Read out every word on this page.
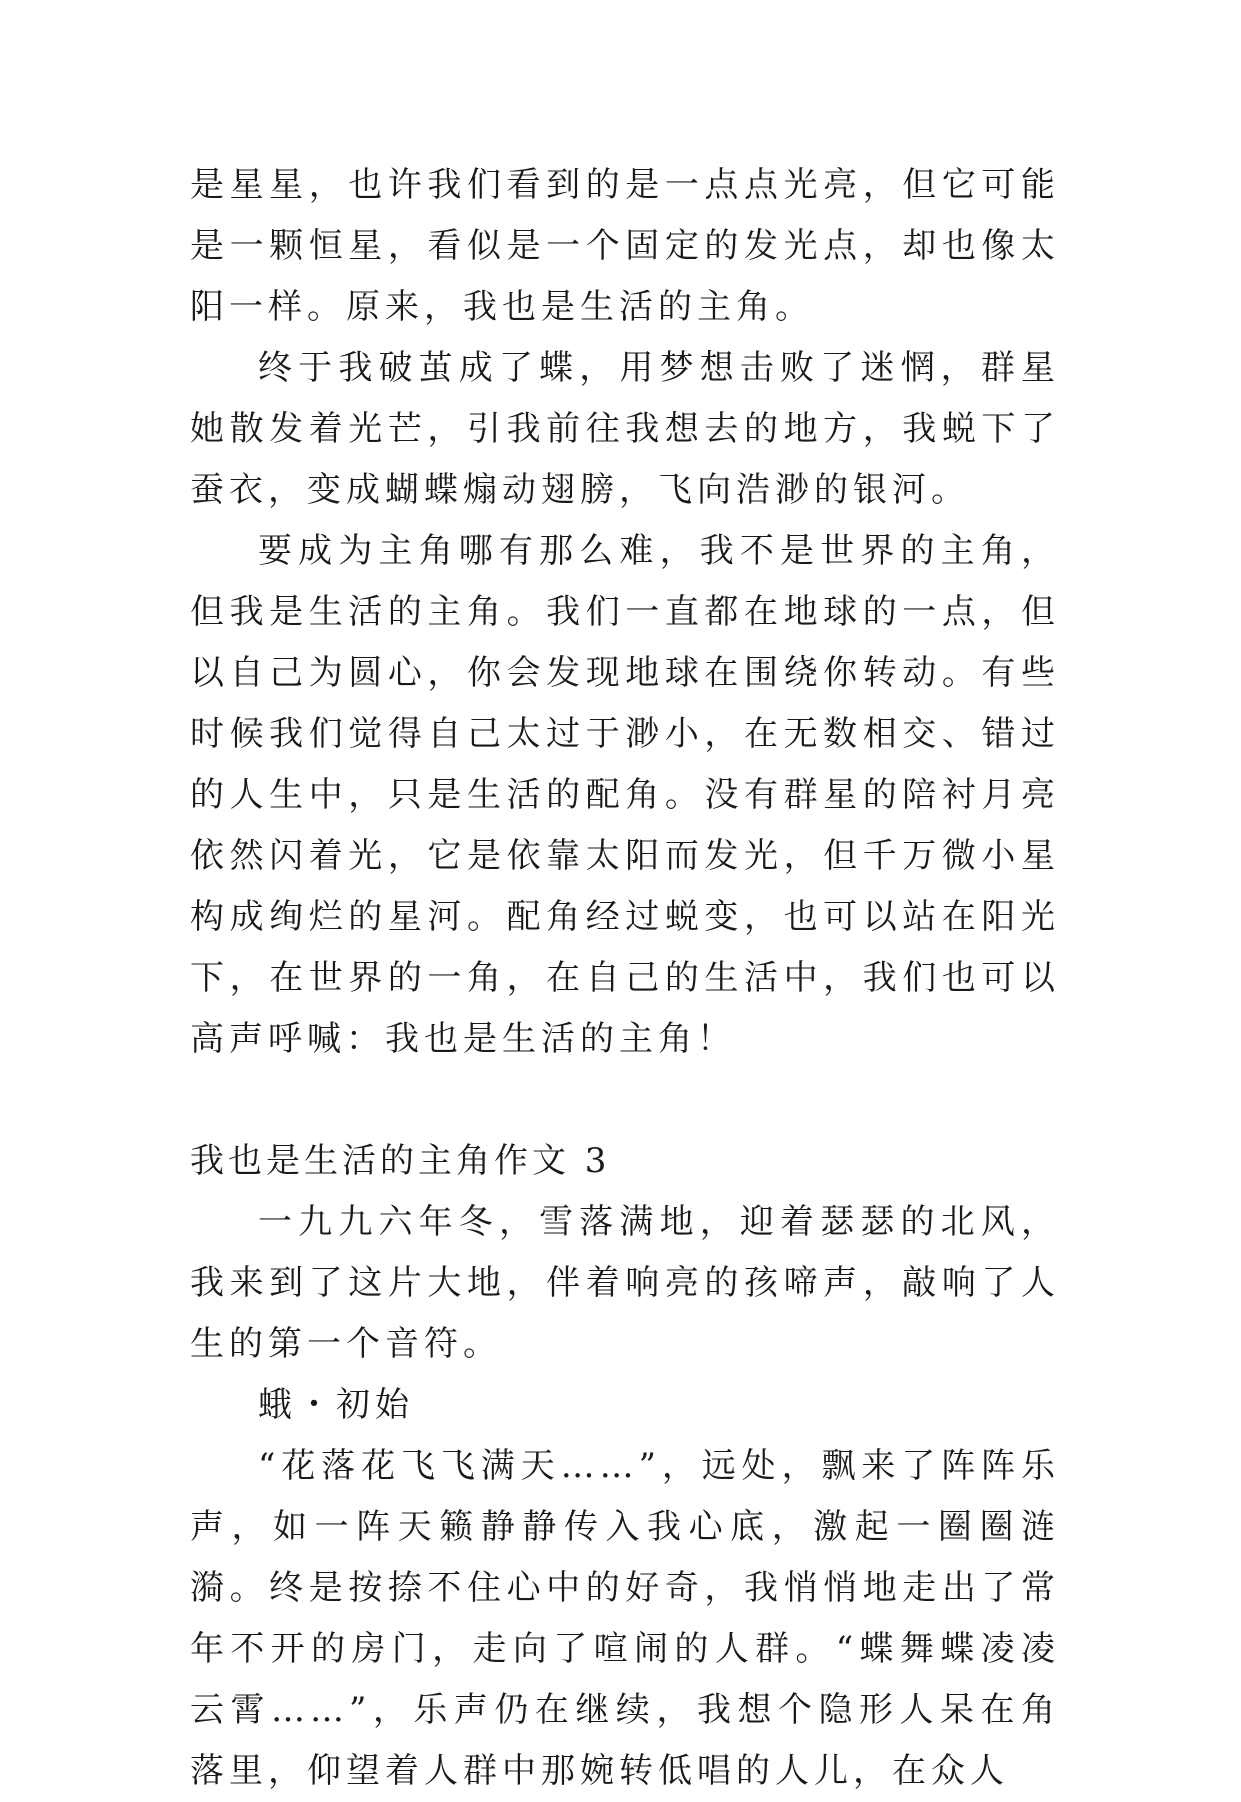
是星星，也许我们看到的是一点点光亮，但它可能是一颗恒星，看似是一个固定的发光点，却也像太阳一样。原来，我也是生活的主角。

终于我破茧成了蝶，用梦想击败了迷惘，群星她散发着光芒，引我前往我想去的地方，我蜕下了蚕衣，变成蝴蝶煽动翅膀，飞向浩渺的银河。

要成为主角哪有那么难，我不是世界的主角，但我是生活的主角。我们一直都在地球的一点，但以自己为圆心，你会发现地球在围绕你转动。有些时候我们觉得自己太过于渺小，在无数相交、错过的人生中，只是生活的配角。没有群星的陪衬月亮依然闪着光，它是依靠太阳而发光，但千万微小星构成绚烂的星河。配角经过蜕变，也可以站在阳光下，在世界的一角，在自己的生活中，我们也可以高声呼喊：我也是生活的主角！

我也是生活的主角作文 3

一九九六年冬，雪落满地，迎着瑟瑟的北风，我来到了这片大地，伴着响亮的孩啼声，敲响了人生的第一个音符。

蛾・初始

“花落花飞飞满天……”，远处，飘来了阵阵乐声，如一阵天籁静静传入我心底，激起一圈圈涟漪。终是按捺不住心中的好奇，我悄悄地走出了常年不开的房门，走向了喧闹的人群。“蝶舞蝶凌凌云霄……”，乐声仍在继续，我想个隐形人呆在角落里，仰望着人群中那婉转低唱的人儿，在众人
